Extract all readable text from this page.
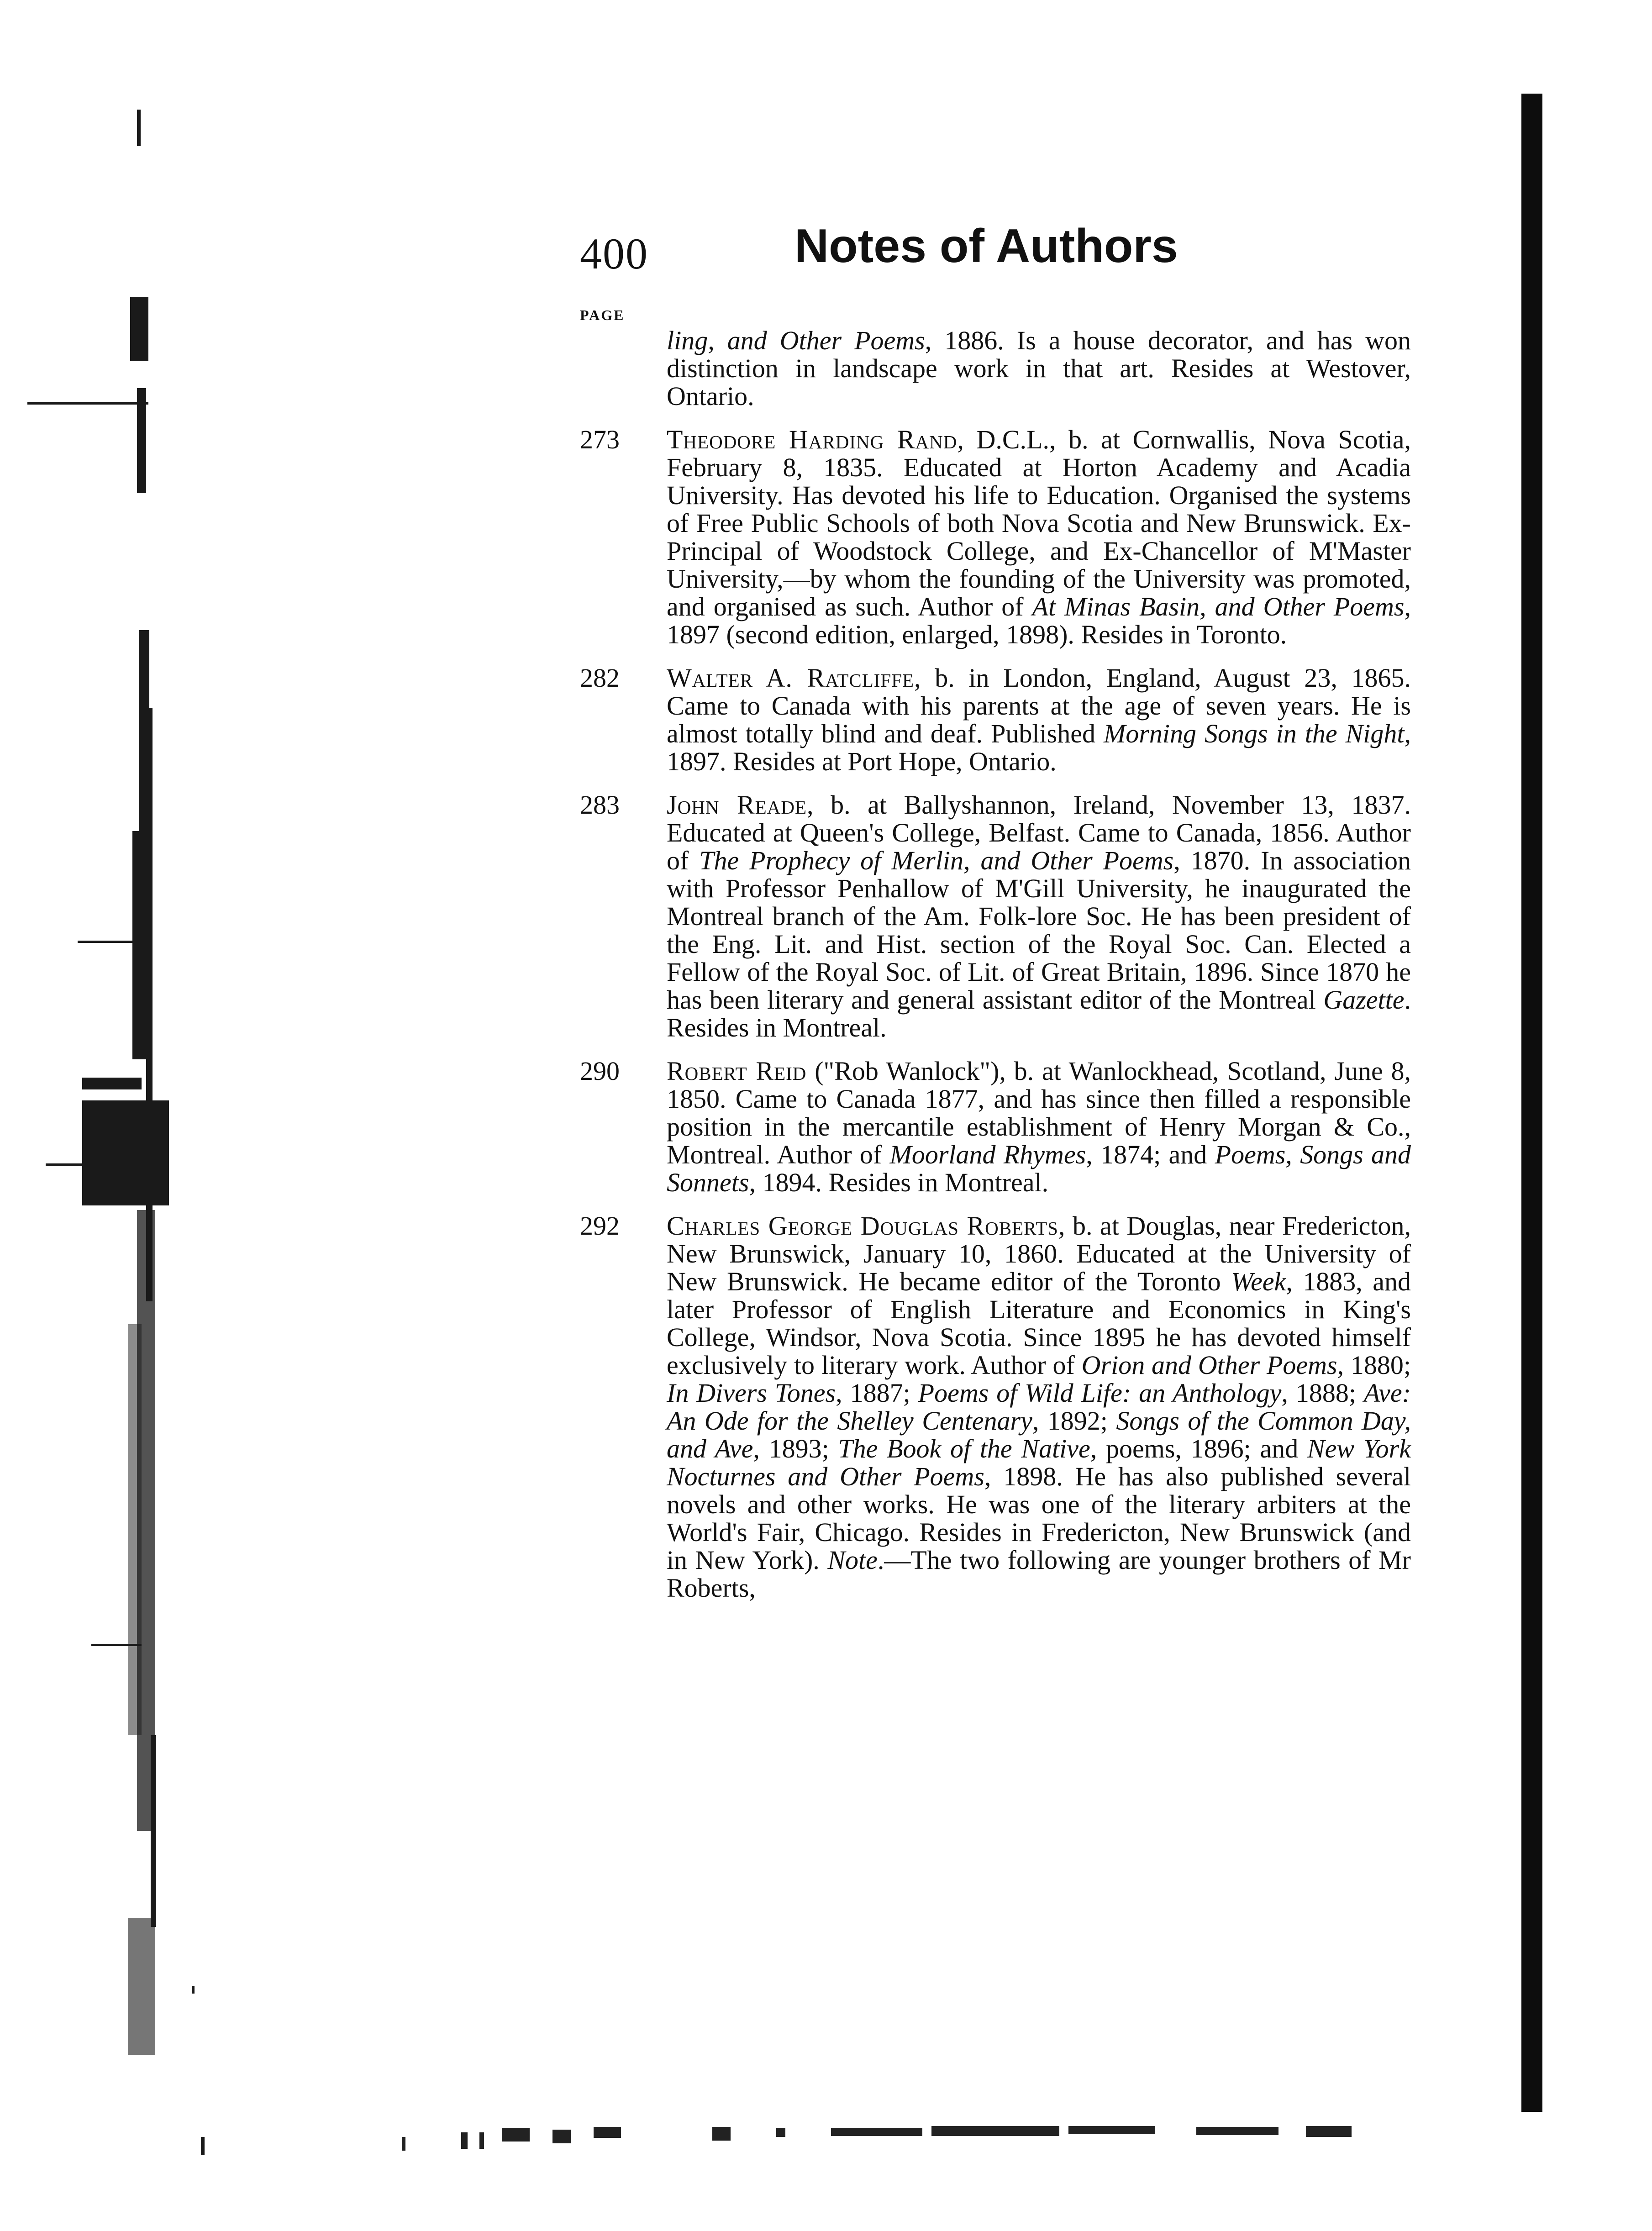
400	Notes of Authors
PAGE

ling, and Other Poems, 1886. Is a house decorator, and has won distinction in landscape work in that art. Resides at Westover, Ontario.

273	Theodore Harding Rand, D.C.L., b. at Cornwallis, Nova Scotia, February 8, 1835. Educated at Horton Academy and Acadia University. Has devoted his life to Education. Organised the systems of Free Public Schools of both Nova Scotia and New Brunswick. Ex-Principal of Woodstock College, and Ex-Chancellor of M'Master University,—by whom the founding of the University was promoted, and organised as such. Author of At Minas Basin, and Other Poems, 1897 (second edition, enlarged, 1898). Resides in Toronto.

282	Walter A. Ratcliffe, b. in London, England, August 23, 1865. Came to Canada with his parents at the age of seven years. He is almost totally blind and deaf. Published Morning Songs in the Night, 1897. Resides at Port Hope, Ontario.

283	John Reade, b. at Ballyshannon, Ireland, November 13, 1837. Educated at Queen's College, Belfast. Came to Canada, 1856. Author of The Prophecy of Merlin, and Other Poems, 1870. In association with Professor Penhallow of M'Gill University, he inaugurated the Montreal branch of the Am. Folk-lore Soc. He has been president of the Eng. Lit. and Hist. section of the Royal Soc. Can. Elected a Fellow of the Royal Soc. of Lit. of Great Britain, 1896. Since 1870 he has been literary and general assistant editor of the Montreal Gazette. Resides in Montreal.

290	Robert Reid ("Rob Wanlock"), b. at Wanlockhead, Scotland, June 8, 1850. Came to Canada 1877, and has since then filled a responsible position in the mercantile establishment of Henry Morgan & Co., Montreal. Author of Moorland Rhymes, 1874; and Poems, Songs and Sonnets, 1894. Resides in Montreal.

292	Charles George Douglas Roberts, b. at Douglas, near Fredericton, New Brunswick, January 10, 1860. Educated at the University of New Brunswick. He became editor of the Toronto Week, 1883, and later Professor of English Literature and Economics in King's College, Windsor, Nova Scotia. Since 1895 he has devoted himself exclusively to literary work. Author of Orion and Other Poems, 1880; In Divers Tones, 1887; Poems of Wild Life: an Anthology, 1888; Ave: An Ode for the Shelley Centenary, 1892; Songs of the Common Day, and Ave, 1893; The Book of the Native, poems, 1896; and New York Nocturnes and Other Poems, 1898. He has also published several novels and other works. He was one of the literary arbiters at the World's Fair, Chicago. Resides in Fredericton, New Brunswick (and in New York). Note.—The two following are younger brothers of Mr Roberts,
